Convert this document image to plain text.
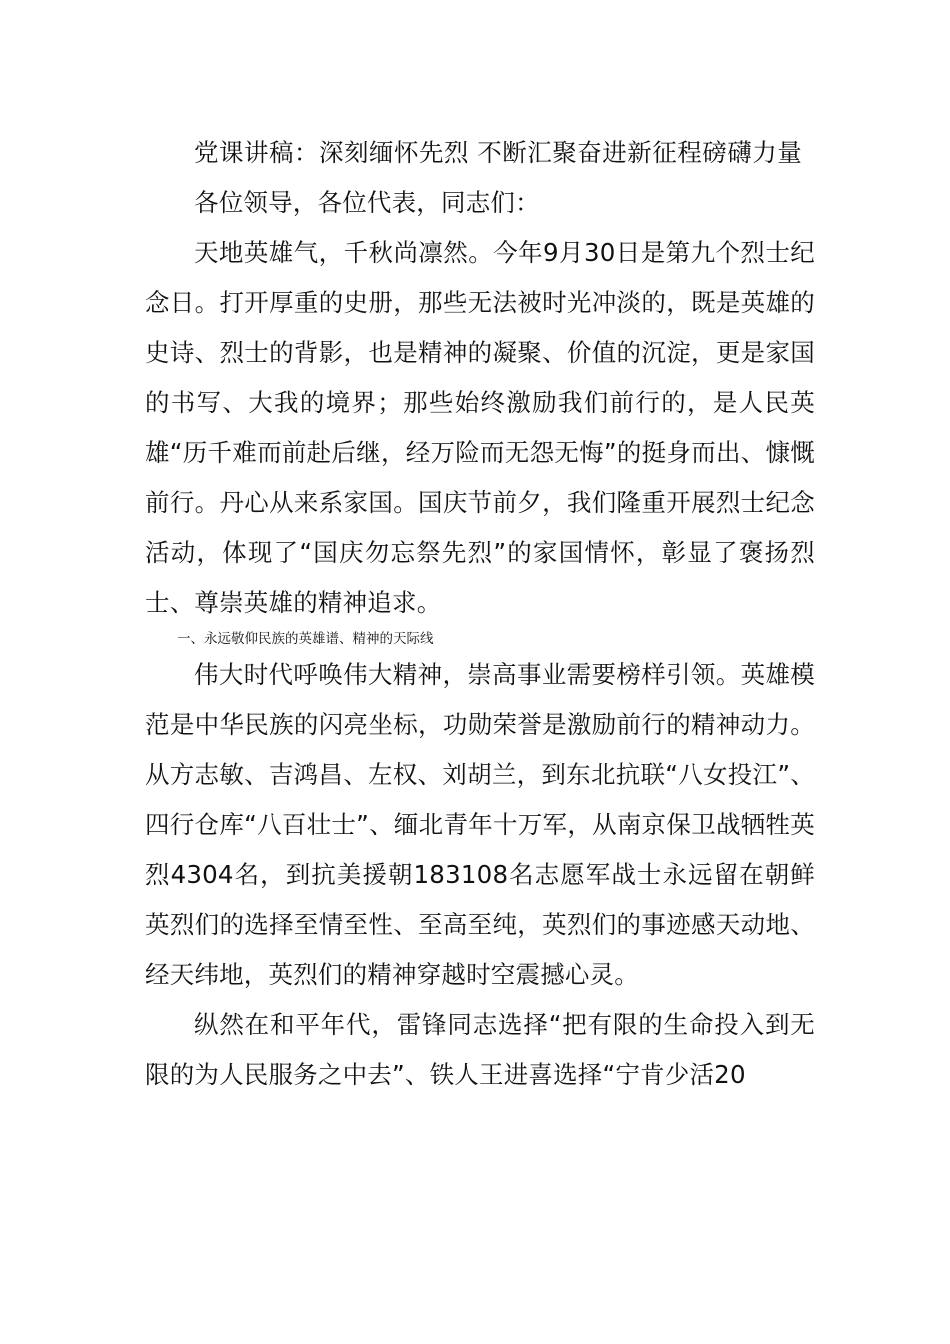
党课讲稿：深刻缅怀先烈 不断汇聚奋进新征程磅礴力量

各位领导，各位代表，同志们：

天地英雄气，千秋尚凛然。今年9月30日是第九个烈士纪念日。打开厚重的史册，那些无法被时光冲淡的，既是英雄的史诗、烈士的背影，也是精神的凝聚、价值的沉淀，更是家国的书写、大我的境界；那些始终激励我们前行的，是人民英雄“历千难而前赴后继，经万险而无怨无悔”的挺身而出、慷慨前行。丹心从来系家国。国庆节前夕，我们隆重开展烈士纪念活动，体现了“国庆勿忘祭先烈”的家国情怀，彰显了褒扬烈士、尊崇英雄的精神追求。

一、永远敬仰民族的英雄谱、精神的天际线

伟大时代呼唤伟大精神，崇高事业需要榜样引领。英雄模范是中华民族的闪亮坐标，功勋荣誉是激励前行的精神动力。从方志敏、吉鸿昌、左权、刘胡兰，到东北抗联“八女投江”、四行仓库“八百壮士”、缅北青年十万军，从南京保卫战牺牲英烈4304名，到抗美援朝183108名志愿军战士永远留在朝鲜英烈们的选择至情至性、至高至纯，英烈们的事迹感天动地、经天纬地，英烈们的精神穿越时空震撼心灵。

纵然在和平年代，雷锋同志选择“把有限的生命投入到无限的为人民服务之中去”、铁人王进喜选择“宁肯少活20
